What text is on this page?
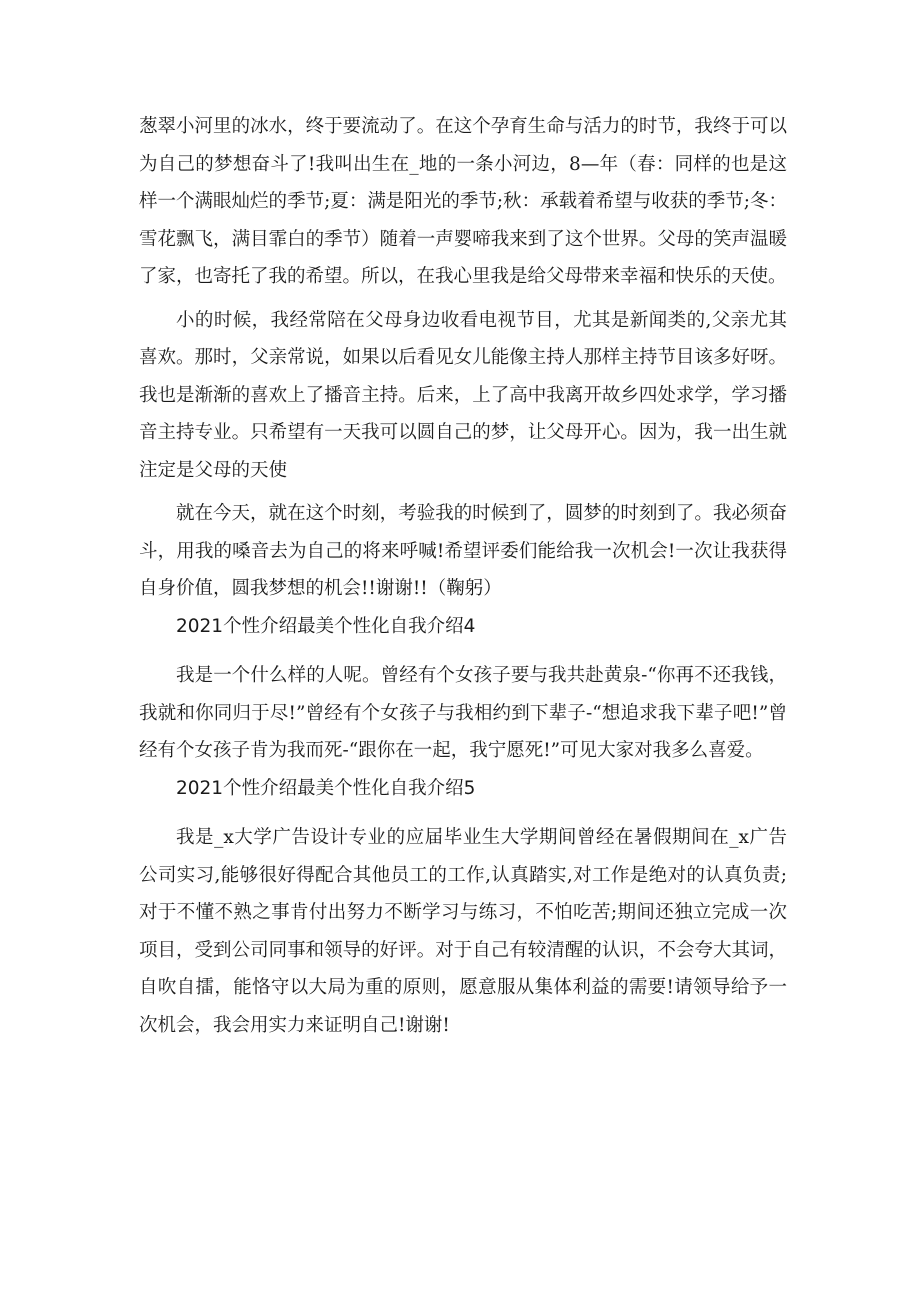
葱翠小河里的冰水，终于要流动了。在这个孕育生命与活力的时节，我终于可以为自己的梦想奋斗了!我叫出生在_地的一条小河边，8—年（春：同样的也是这样一个满眼灿烂的季节;夏：满是阳光的季节;秋：承载着希望与收获的季节;冬：雪花飘飞，满目霏白的季节）随着一声婴啼我来到了这个世界。父母的笑声温暖了家，也寄托了我的希望。所以，在我心里我是给父母带来幸福和快乐的天使。

小的时候，我经常陪在父母身边收看电视节目，尤其是新闻类的,父亲尤其喜欢。那时，父亲常说，如果以后看见女儿能像主持人那样主持节目该多好呀。我也是渐渐的喜欢上了播音主持。后来，上了高中我离开故乡四处求学，学习播音主持专业。只希望有一天我可以圆自己的梦，让父母开心。因为，我一出生就注定是父母的天使

就在今天，就在这个时刻，考验我的时候到了，圆梦的时刻到了。我必须奋斗，用我的嗓音去为自己的将来呼喊!希望评委们能给我一次机会!一次让我获得自身价值，圆我梦想的机会!!谢谢!!（鞠躬）

2021个性介绍最美个性化自我介绍4

我是一个什么样的人呢。曾经有个女孩子要与我共赴黄泉-“你再不还我钱，我就和你同归于尽!”曾经有个女孩子与我相约到下辈子-“想追求我下辈子吧!”曾经有个女孩子肯为我而死-“跟你在一起，我宁愿死!”可见大家对我多么喜爱。

2021个性介绍最美个性化自我介绍5

我是_x大学广告设计专业的应届毕业生大学期间曾经在暑假期间在_x广告公司实习,能够很好得配合其他员工的工作,认真踏实,对工作是绝对的认真负责;对于不懂不熟之事肯付出努力不断学习与练习，不怕吃苦;期间还独立完成一次项目，受到公司同事和领导的好评。对于自己有较清醒的认识，不会夸大其词，自吹自擂，能恪守以大局为重的原则，愿意服从集体利益的需要!请领导给予一次机会，我会用实力来证明自己!谢谢!
